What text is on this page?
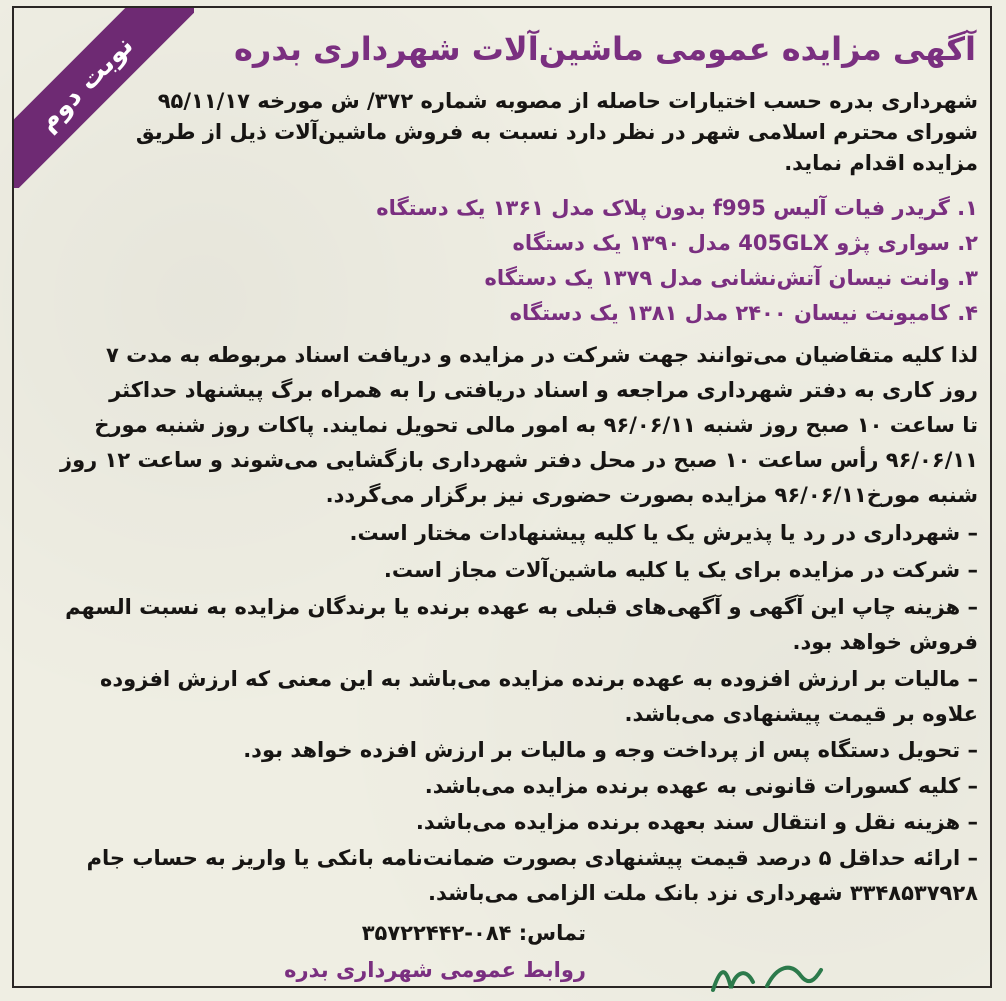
نوبت دوم	آگهی مزایده عمومی ماشین‌آلات شهرداری بدره

شهرداری بدره حسب اختیارات حاصله از مصوبه شماره ۳۷۲/ ش مورخه ۹۵/۱۱/۱۷

شورای محترم اسلامی شهر در نظر دارد نسبت به فروش ماشین‌آلات ذیل از طریق

مزایده اقدام نماید.

۱. گریدر فیات آلیس f995 بدون پلاک مدل ۱۳۶۱ یک دستگاه

۲. سواری پژو 405GLX مدل ۱۳۹۰ یک دستگاه

۳. وانت نیسان آتش‌نشانی مدل ۱۳۷۹ یک دستگاه

۴. کامیونت نیسان ۲۴۰۰ مدل ۱۳۸۱ یک دستگاه

لذا کلیه متقاضیان می‌توانند جهت شرکت در مزایده و دریافت اسناد مربوطه به مدت ۷

روز کاری به دفتر شهرداری مراجعه و اسناد دریافتی را به همراه برگ پیشنهاد حداکثر

تا ساعت ۱۰ صبح روز شنبه ۹۶/۰۶/۱۱ به امور مالی تحویل نمایند. پاکات روز شنبه مورخ

۹۶/۰۶/۱۱ رأس ساعت ۱۰ صبح در محل دفتر شهرداری بازگشایی می‌شوند و ساعت ۱۲ روز

شنبه مورخ۹۶/۰۶/۱۱ مزایده بصورت حضوری نیز برگزار می‌گردد.

– شهرداری در رد یا پذیرش یک یا کلیه پیشنهادات مختار است.

– شرکت در مزایده برای یک یا کلیه ماشین‌آلات مجاز است.

– هزینه چاپ این آگهی و آگهی‌های قبلی به عهده برنده یا برندگان مزایده به نسبت السهم

فروش خواهد بود.

– مالیات بر ارزش افزوده به عهده برنده مزایده می‌باشد به این معنی که ارزش افزوده

علاوه بر قیمت پیشنهادی می‌باشد.

– تحویل دستگاه پس از پرداخت وجه و مالیات بر ارزش افزده خواهد بود.

– کلیه کسورات قانونی به عهده برنده مزایده می‌باشد.

– هزینه نقل و انتقال سند بعهده برنده مزایده می‌باشد.

– ارائه حداقل ۵ درصد قیمت پیشنهادی بصورت ضمانت‌نامه بانکی یا واریز به حساب جام

۳۳۴۸۵۳۷۹۲۸ شهرداری نزد بانک ملت الزامی می‌باشد.

تماس: ۰۸۴-۳۵۷۲۲۴۴۲

روابط عمومی شهرداری بدره
